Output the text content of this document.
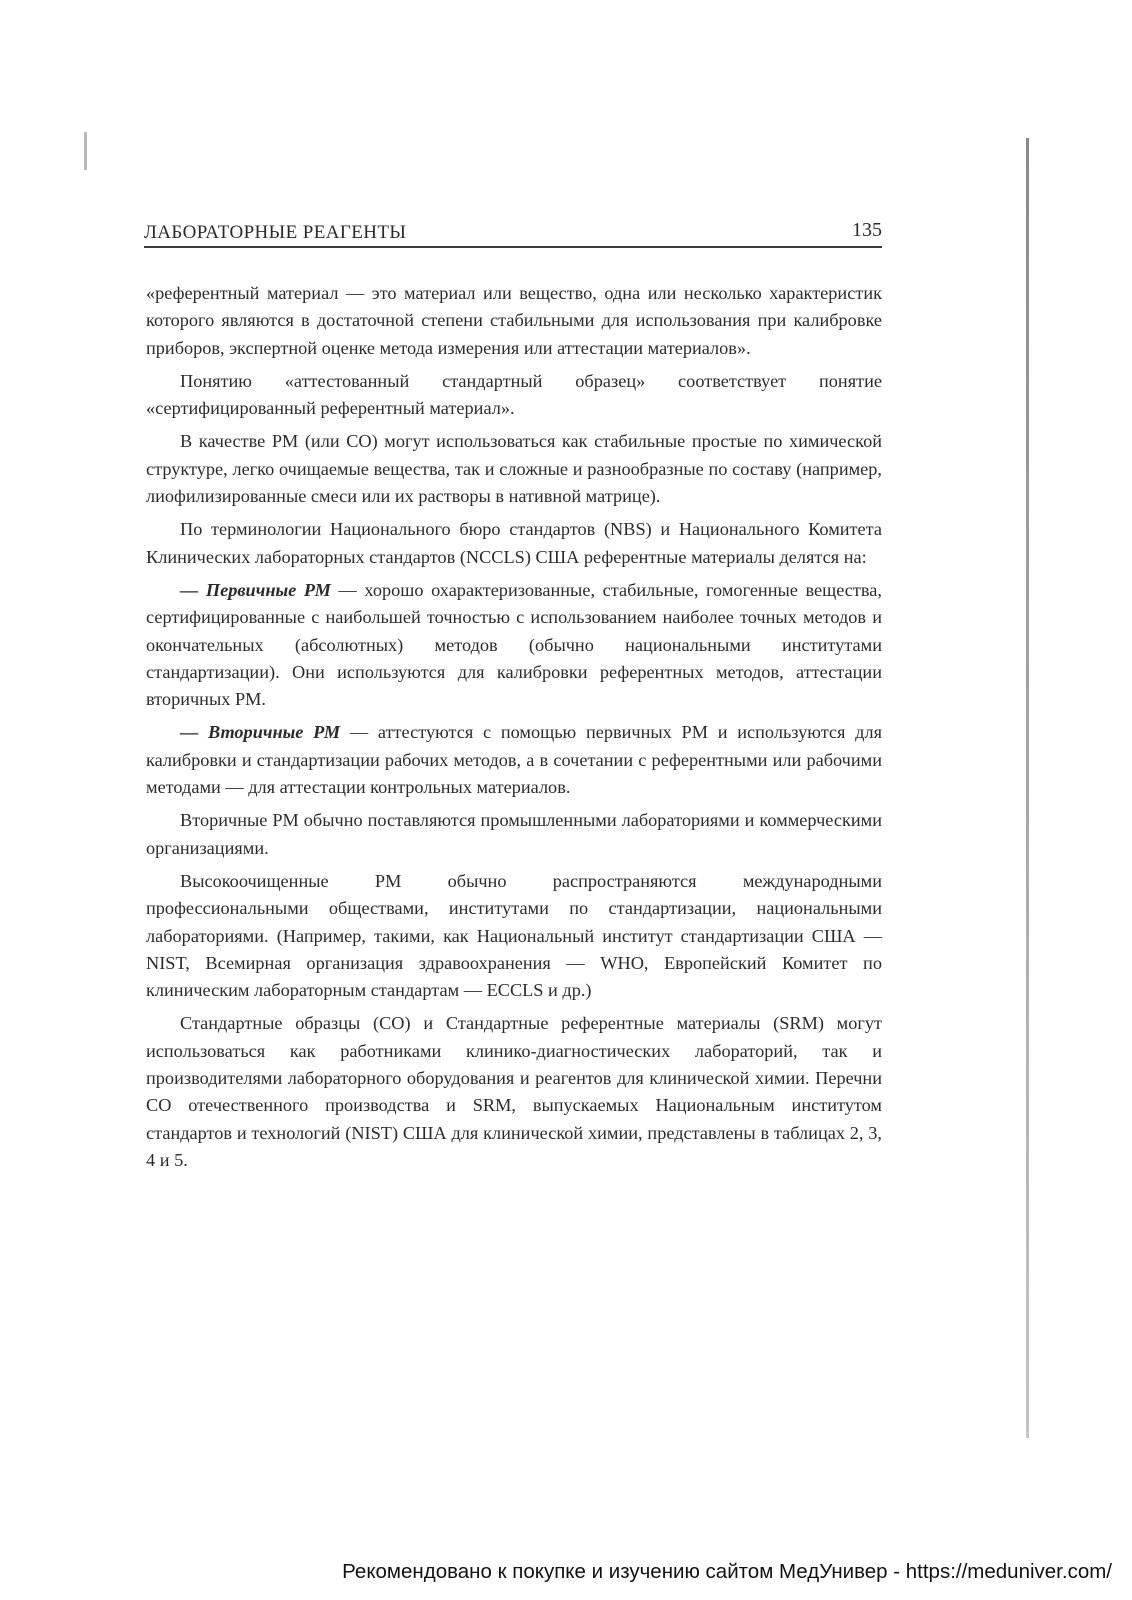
ЛАБОРАТОРНЫЕ РЕАГЕНТЫ	135

«референтный материал — это материал или вещество, одна или несколько характеристик которого являются в достаточной степени стабильными для использования при калибровке приборов, экспертной оценке метода измерения или аттестации материалов».

Понятию «аттестованный стандартный образец» соответствует понятие «сертифицированный референтный материал».

В качестве РМ (или СО) могут использоваться как стабильные простые по химической структуре, легко очищаемые вещества, так и сложные и разнообразные по составу (например, лиофилизированные смеси или их растворы в нативной матрице).

По терминологии Национального бюро стандартов (NBS) и Национального Комитета Клинических лабораторных стандартов (NCCLS) США референтные материалы делятся на:

— Первичные РМ — хорошо охарактеризованные, стабильные, гомогенные вещества, сертифицированные с наибольшей точностью с использованием наиболее точных методов и окончательных (абсолютных) методов (обычно национальными институтами стандартизации). Они используются для калибровки референтных методов, аттестации вторичных РМ.

— Вторичные РМ — аттестуются с помощью первичных РМ и используются для калибровки и стандартизации рабочих методов, а в сочетании с референтными или рабочими методами — для аттестации контрольных материалов.

Вторичные РМ обычно поставляются промышленными лабораториями и коммерческими организациями.

Высокоочищенные РМ обычно распространяются международными профессиональными обществами, институтами по стандартизации, национальными лабораториями. (Например, такими, как Национальный институт стандартизации США — NIST, Всемирная организация здравоохранения — WHO, Европейский Комитет по клиническим лабораторным стандартам — ECCLS и др.)

Стандартные образцы (СО) и Стандартные референтные материалы (SRM) могут использоваться как работниками клинико-диагностических лабораторий, так и производителями лабораторного оборудования и реагентов для клинической химии. Перечни СО отечественного производства и SRM, выпускаемых Национальным институтом стандартов и технологий (NIST) США для клинической химии, представлены в таблицах 2, 3, 4 и 5.

Рекомендовано к покупке и изучению сайтом МедУнивер - https://meduniver.com/
